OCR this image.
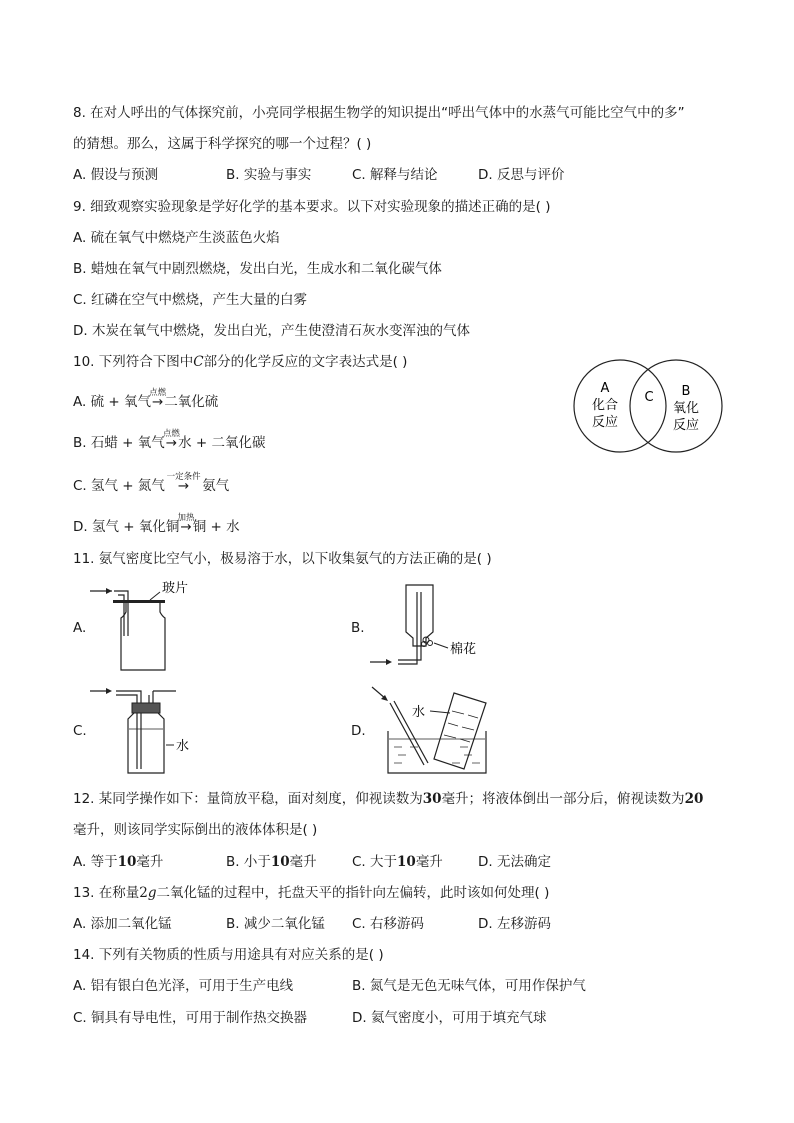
8. 在对人呼出的气体探究前，小亮同学根据生物学的知识提出“呼出气体中的水蒸气可能比空气中的多”
的猜想。那么，这属于科学探究的哪一个过程？( )
A. 假设与预测	B. 实验与事实	C. 解释与结论	D. 反思与评价
9. 细致观察实验现象是学好化学的基本要求。以下对实验现象的描述正确的是( )
A. 硫在氧气中燃烧产生淡蓝色火焰
B. 蜡烛在氧气中剧烈燃烧，发出白光，生成水和二氧化碳气体
C. 红磷在空气中燃烧，产生大量的白雾
D. 木炭在氧气中燃烧，发出白光，产生使澄清石灰水变浑浊的气体
10. 下列符合下图中C部分的化学反应的文字表达式是( )
A. 硫 + 氧气
点燃
→二氧化硫
B. 石蜡 + 氧气
点燃
→水 + 二氧化碳
C. 氢气 + 氮气
一定条件
→ 氨气
D. 氢气 + 氧化铜
加热
→铜 + 水
A
化合
反应
C B
氧化
反应
11. 氨气密度比空气小，极易溶于水，以下收集氨气的方法正确的是( )
A.	B.
C.	D.
玻片
棉花
水
水
12. 某同学操作如下：量筒放平稳，面对刻度，仰视读数为30毫升；将液体倒出一部分后，俯视读数为20
毫升，则该同学实际倒出的液体体积是( )
A. 等于10毫升	B. 小于10毫升	C. 大于10毫升	D. 无法确定
13. 在称量2g二氧化锰的过程中，托盘天平的指针向左偏转，此时该如何处理( )
A. 添加二氧化锰	B. 减少二氧化锰 C. 右移游码	D. 左移游码
14. 下列有关物质的性质与用途具有对应关系的是( )
A. 铝有银白色光泽，可用于生产电线	B. 氮气是无色无味气体，可用作保护气
C. 铜具有导电性，可用于制作热交换器	D. 氦气密度小，可用于填充气球
